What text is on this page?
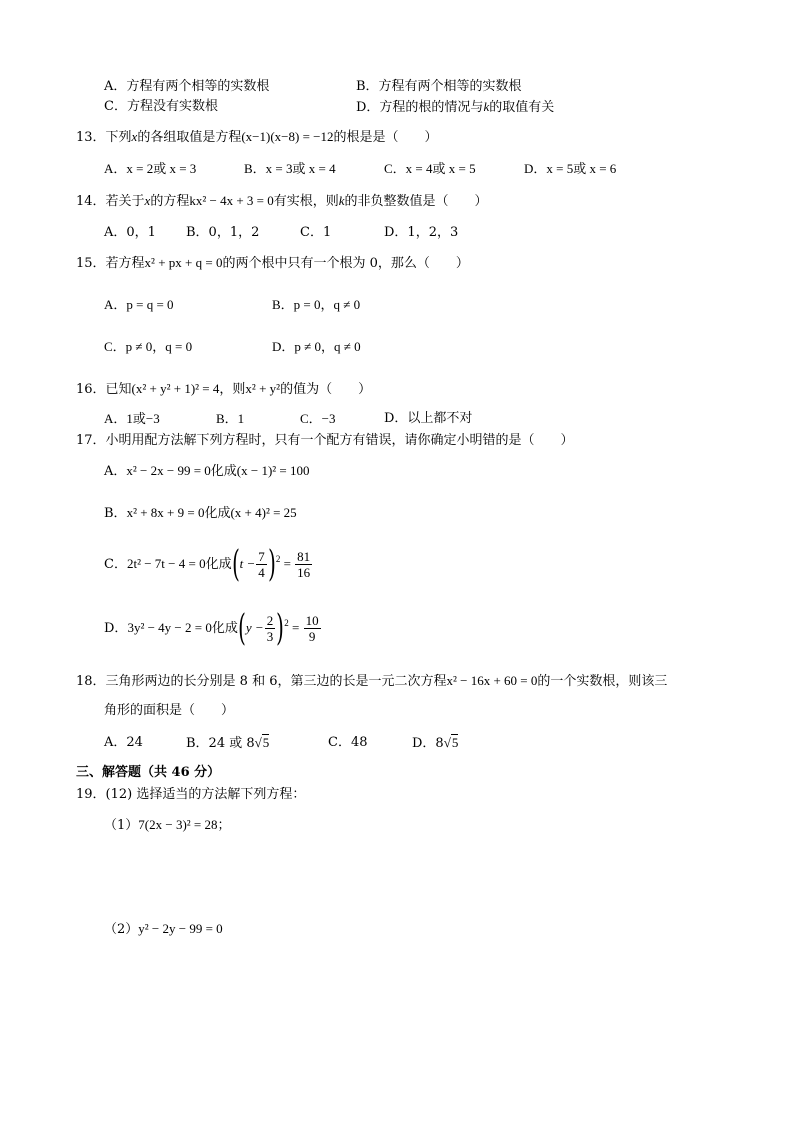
A．方程有两个相等的实数根	B．方程有两个相等的实数根
C．方程没有实数根	D．方程的根的情况与k的取值有关
13．下列x的各组取值是方程(x−1)(x−8) = −12的根是是（　　）
A．x = 2或 x = 3	B．x = 3或 x = 4	C．x = 4或 x = 5	D．x = 5或 x = 6
14．若关于x的方程kx² − 4x + 3 = 0有实根，则k的非负整数值是（　　）
A．0，1 B．0，1，2	C．1	D．1，2，3
15．若方程x² + px + q = 0的两个根中只有一个根为 0，那么（　　）
A．p = q = 0	B．p = 0，q ≠ 0
C．p ≠ 0，q = 0	D．p ≠ 0，q ≠ 0
16．已知(x² + y² + 1)² = 4，则x² + y²的值为（　　）
A．1或−3	B．1	C．−3	D．以上都不对
17．小明用配方法解下列方程时，只有一个配方有错误，请你确定小明错的是（　　）
A．x² − 2x − 99 = 0化成(x − 1)² = 100
B．x² + 8x + 9 = 0化成(x + 4)² = 25
C．2t² − 7t − 4 = 0化成$(t - \frac{7}{4} )^2 = \frac{81}{16}$
D．3y² − 4y − 2 = 0化成$(y - \frac{2}{3} )^2 = \frac{10}{9}$
18．三角形两边的长分别是 8 和 6，第三边的长是一元二次方程x² − 16x + 60 = 0的一个实数根，则该三
角形的面积是（　　）
A．24	B．24 或 8√5	C．48	D．8√5
三、解答题（共 46 分）
19．(12) 选择适当的方法解下列方程：
（1）7(2x − 3)² = 28；
（2）y² − 2y − 99 = 0
